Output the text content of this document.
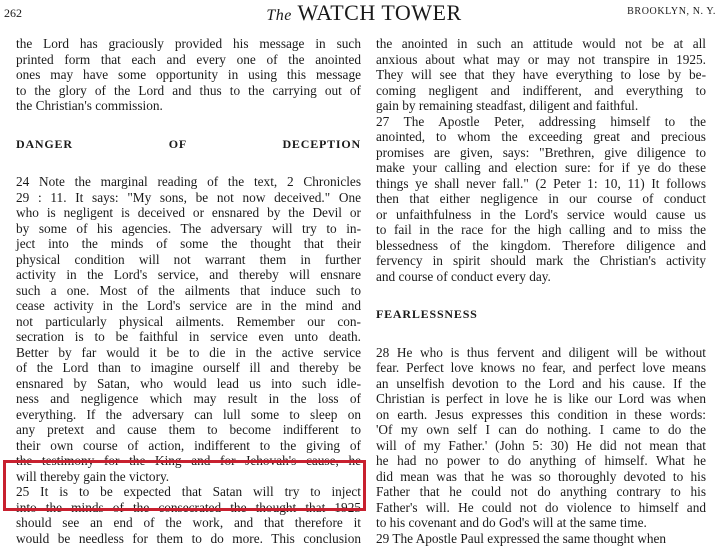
262	The WATCH TOWER	BROOKLYN, N. Y.

the Lord has graciously provided his message in such

printed form that each and every one of the anointed

ones may have some opportunity in using this message

to the glory of the Lord and thus to the carrying out of

the Christian's commission.

DANGER OF DECEPTION

24 Note the marginal reading of the text, 2 Chronicles

29 : 11. It says: "My sons, be not now deceived." One

who is negligent is deceived or ensnared by the Devil or

by some of his agencies. The adversary will try to in-

ject into the minds of some the thought that their

physical condition will not warrant them in further

activity in the Lord's service, and thereby will ensnare

such a one. Most of the ailments that induce such to

cease activity in the Lord's service are in the mind and

not particularly physical ailments. Remember our con-

secration is to be faithful in service even unto death.

Better by far would it be to die in the active service

of the Lord than to imagine ourself ill and thereby be

ensnared by Satan, who would lead us into such idle-

ness and negligence which may result in the loss of

everything. If the adversary can lull some to sleep on

any pretext and cause them to become indifferent to

their own course of action, indifferent to the giving of

the testimony for the King and for Jehovah's cause, he

will thereby gain the victory.

25 It is to be expected that Satan will try to inject

into the minds of the consecrated the thought that 1925

should see an end of the work, and that therefore it

would be needless for them to do more. This conclusion

the anointed in such an attitude would not be at all

anxious about what may or may not transpire in 1925.

They will see that they have everything to lose by be-

coming negligent and indifferent, and everything to

gain by remaining steadfast, diligent and faithful.

27 The Apostle Peter, addressing himself to the

anointed, to whom the exceeding great and precious

promises are given, says: "Brethren, give diligence to

make your calling and election sure: for if ye do these

things ye shall never fall." (2 Peter 1: 10, 11) It follows

then that either negligence in our course of conduct

or unfaithfulness in the Lord's service would cause us

to fail in the race for the high calling and to miss the

blessedness of the kingdom. Therefore diligence and

fervency in spirit should mark the Christian's activity

and course of conduct every day.

FEARLESSNESS

28 He who is thus fervent and diligent will be without

fear. Perfect love knows no fear, and perfect love means

an unselfish devotion to the Lord and his cause. If the

Christian is perfect in love he is like our Lord was when

on earth. Jesus expresses this condition in these words:

'Of my own self I can do nothing. I came to do the

will of my Father.' (John 5: 30) He did not mean that

he had no power to do anything of himself. What he

did mean was that he was so thoroughly devoted to his

Father that he could not do anything contrary to his

Father's will. He could not do violence to himself and

to his covenant and do God's will at the same time.

29 The Apostle Paul expressed the same thought when
